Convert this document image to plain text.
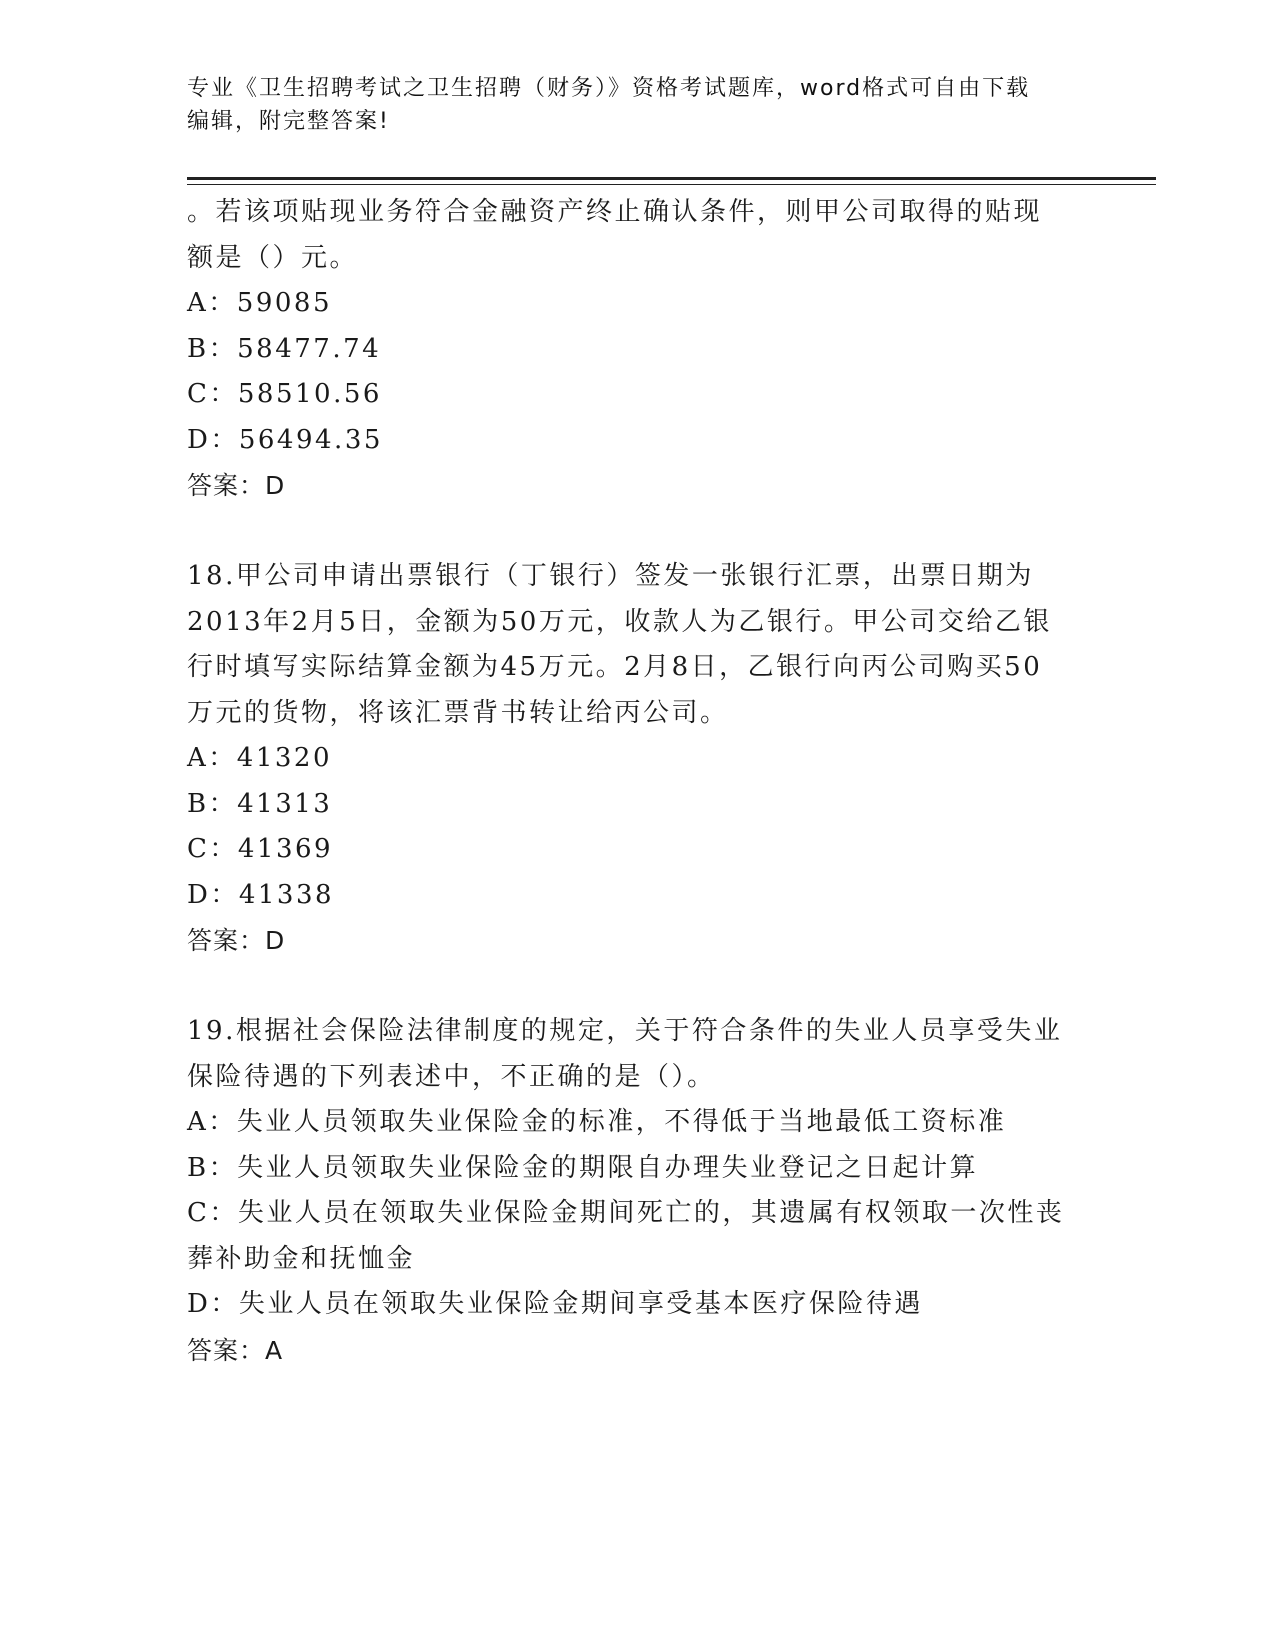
专业《卫生招聘考试之卫生招聘（财务）》资格考试题库，word格式可自由下载
编辑，附完整答案!
。若该项贴现业务符合金融资产终止确认条件，则甲公司取得的贴现
额是（）元。
A：59085
B：58477.74
C：58510.56
D：56494.35
答案：D
18.甲公司申请出票银行（丁银行）签发一张银行汇票，出票日期为
2013年2月5日，金额为50万元，收款人为乙银行。甲公司交给乙银
行时填写实际结算金额为45万元。2月8日，乙银行向丙公司购买50
万元的货物，将该汇票背书转让给丙公司。
A：41320
B：41313
C：41369
D：41338
答案：D
19.根据社会保险法律制度的规定，关于符合条件的失业人员享受失业
保险待遇的下列表述中，不正确的是（）。
A：失业人员领取失业保险金的标准，不得低于当地最低工资标准
B：失业人员领取失业保险金的期限自办理失业登记之日起计算
C：失业人员在领取失业保险金期间死亡的，其遗属有权领取一次性丧
葬补助金和抚恤金
D：失业人员在领取失业保险金期间享受基本医疗保险待遇
答案：A
